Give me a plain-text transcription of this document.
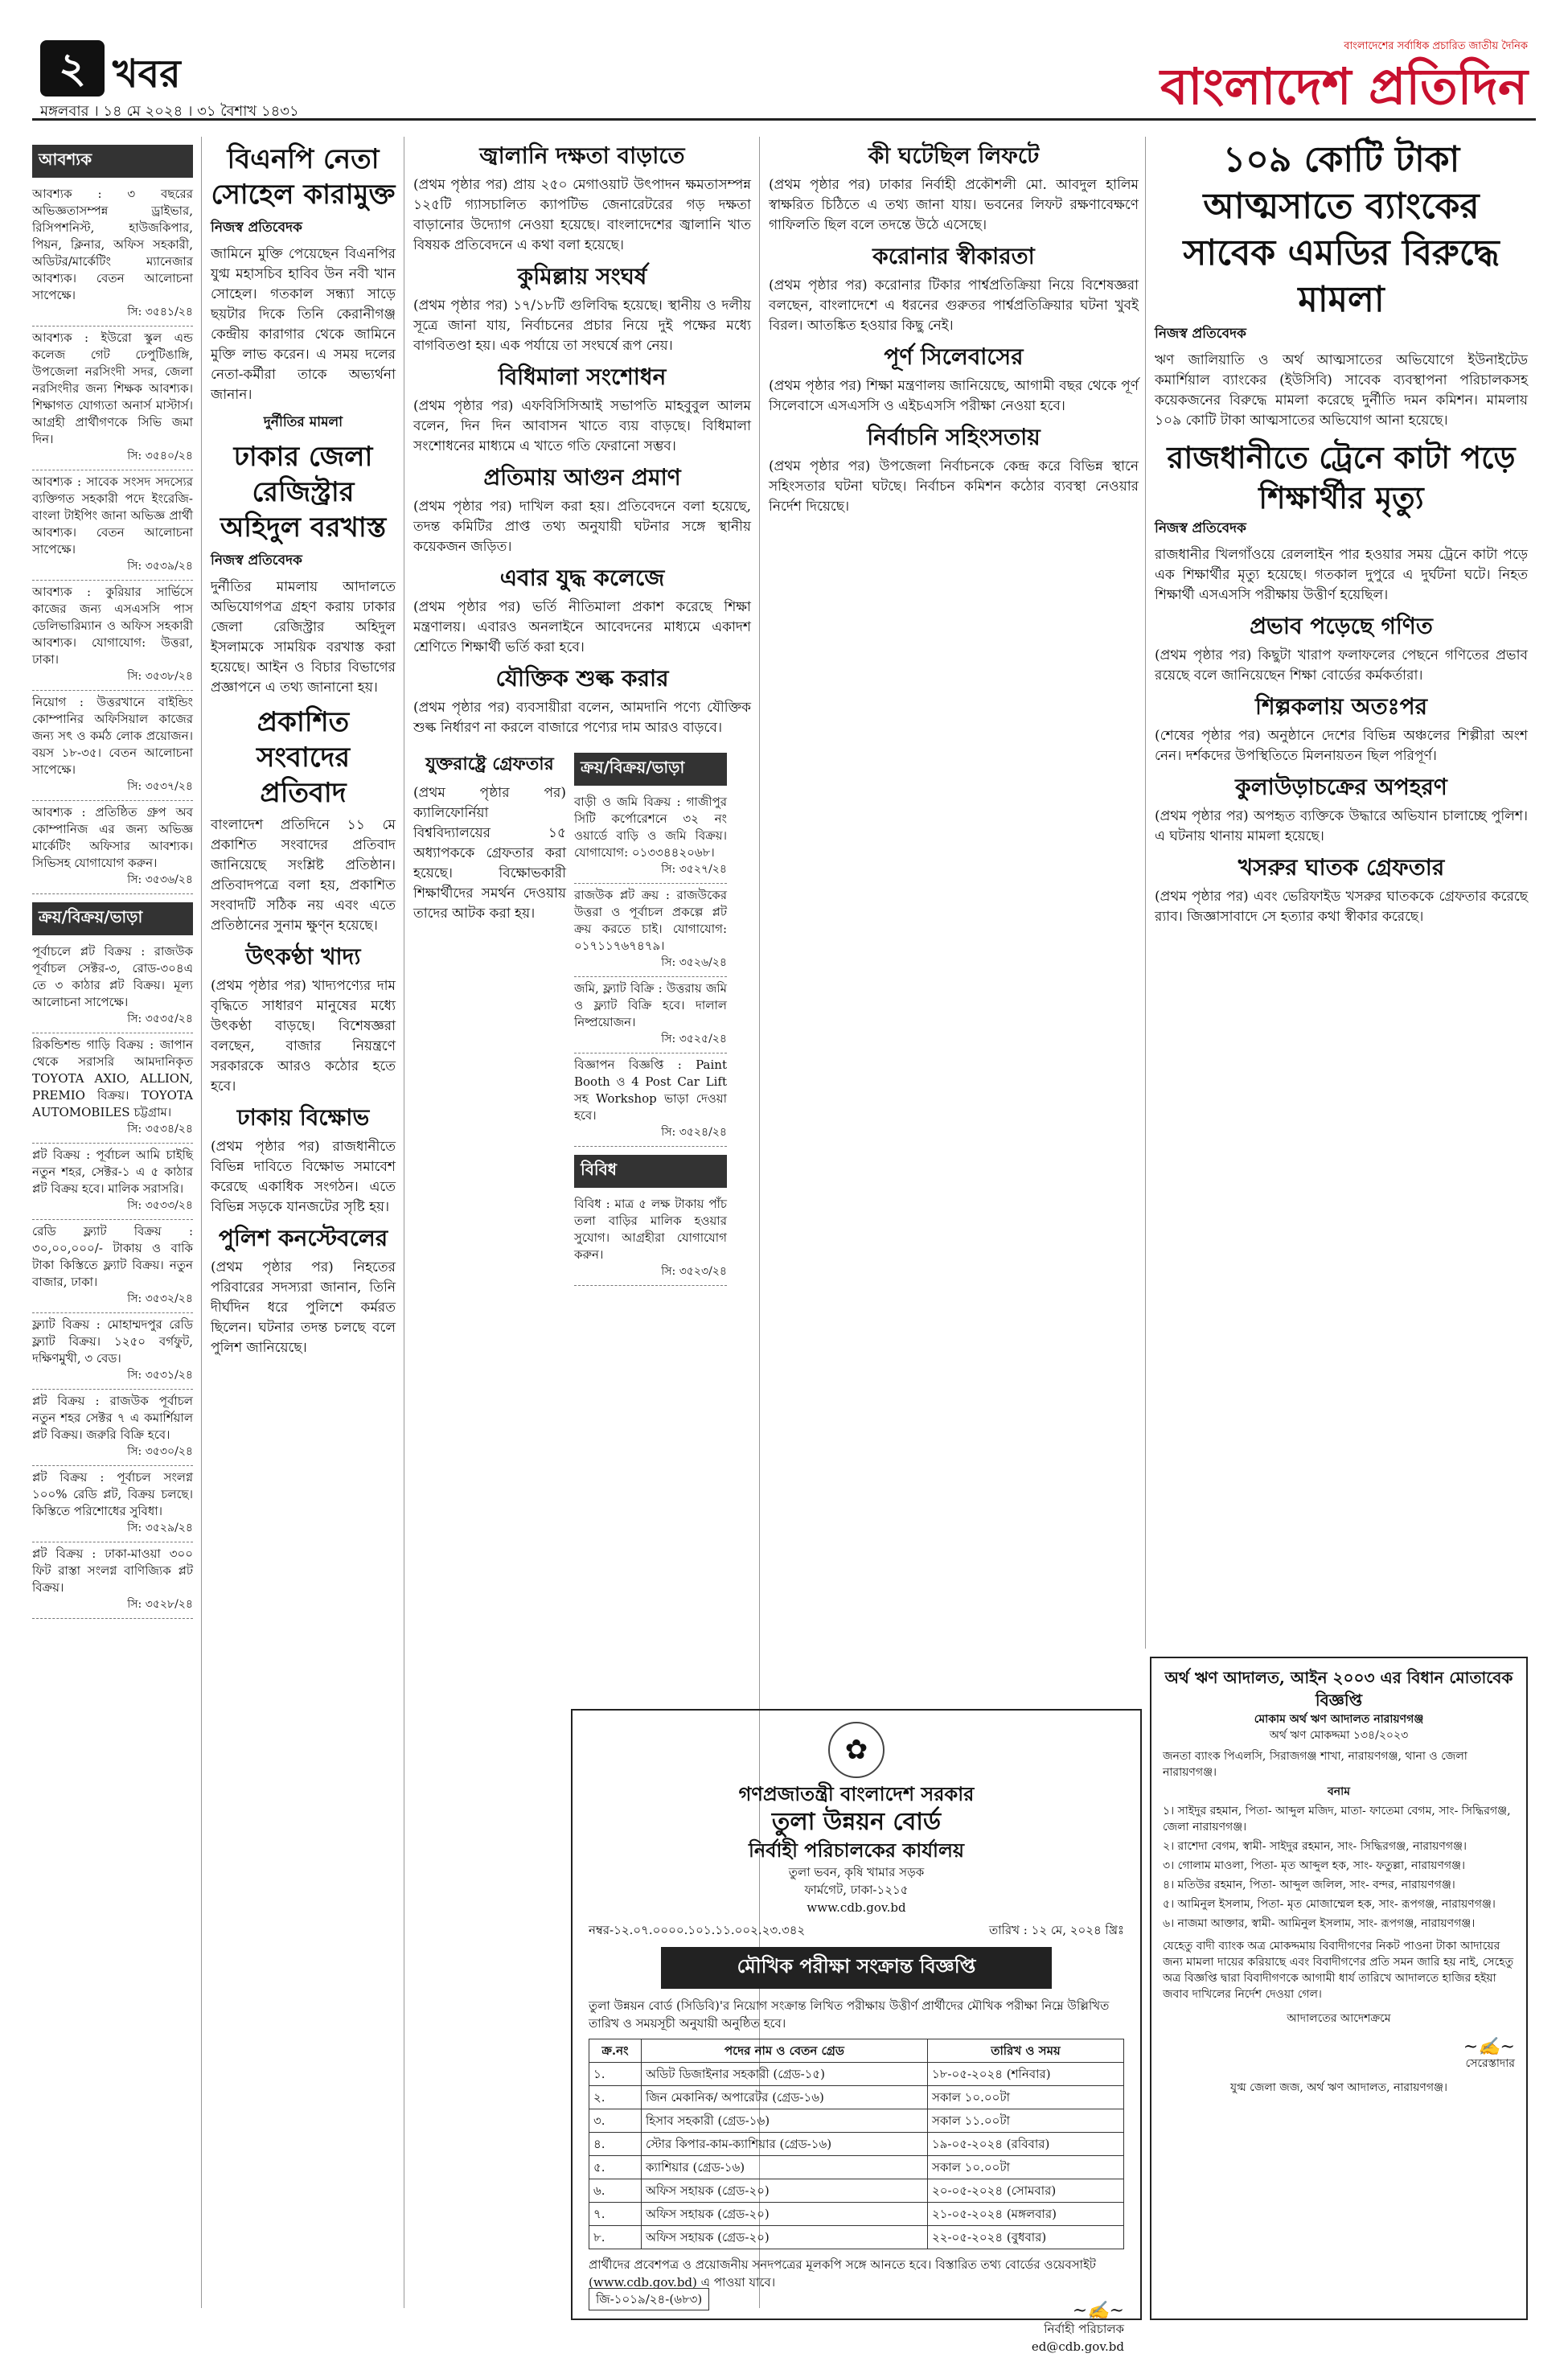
২ খবর
মঙ্গলবার । ১৪ মে ২০২৪ । ৩১ বৈশাখ ১৪৩১
বাংলাদেশের সর্বাধিক প্রচারিত জাতীয় দৈনিক
বাংলাদেশ প্রতিদিন
আবশ্যক
আবশ্যক : ৩ বছরের অভিজ্ঞতাসম্পন্ন ড্রাইভার, রিসিপশনিস্ট, হাউজকিপার, পিয়ন, ক্লিনার, অফিস সহকারী, অডিটর/মার্কেটিং ম্যানেজার আবশ্যক। বেতন আলোচনা সাপেক্ষে।
সি: ৩৫৪১/২৪
আবশ্যক : ইউরো স্কুল এন্ড কলেজ গেট ঢেপুটিঙাঙ্গি, উপজেলা নরসিংদী সদর, জেলা নরসিংদীর জন্য শিক্ষক আবশ্যক। শিক্ষাগত যোগ্যতা অনার্স মাস্টার্স। আগ্রহী প্রার্থীগণকে সিভি জমা দিন।
সি: ৩৫৪০/২৪
আবশ্যক : সাবেক সংসদ সদস্যের ব্যক্তিগত সহকারী পদে ইংরেজি-বাংলা টাইপিং জানা অভিজ্ঞ প্রার্থী আবশ্যক। বেতন আলোচনা সাপেক্ষে।
সি: ৩৫৩৯/২৪
আবশ্যক : কুরিয়ার সার্ভিসে কাজের জন্য এসএসসি পাস ডেলিভারিম্যান ও অফিস সহকারী আবশ্যক। যোগাযোগ: উত্তরা, ঢাকা।
সি: ৩৫৩৮/২৪
নিয়োগ : উত্তরখানে বাইন্ডিং কোম্পানির অফিসিয়াল কাজের জন্য সৎ ও কর্মঠ লোক প্রয়োজন। বয়স ১৮-৩৫। বেতন আলোচনা সাপেক্ষে।
সি: ৩৫৩৭/২৪
আবশ্যক : প্রতিষ্ঠিত গ্রুপ অব কোম্পানিজ এর জন্য অভিজ্ঞ মার্কেটিং অফিসার আবশ্যক। সিভিসহ যোগাযোগ করুন।
সি: ৩৫৩৬/২৪
ক্রয়/বিক্রয়/ভাড়া
পূর্বাচলে প্লট বিক্রয় : রাজউক পূর্বাচল সেক্টর-৩, রোড-৩০৪এ তে ৩ কাঠার প্লট বিক্রয়। মূল্য আলোচনা সাপেক্ষে।
সি: ৩৫৩৫/২৪
রিকন্ডিশন্ড গাড়ি বিক্রয় : জাপান থেকে সরাসরি আমদানিকৃত TOYOTA AXIO, ALLION, PREMIO বিক্রয়। TOYOTA AUTOMOBILES চট্টগ্রাম।
সি: ৩৫৩৪/২৪
প্লট বিক্রয় : পূর্বাচল আমি চাইছি নতুন শহর, সেক্টর-১ এ ৫ কাঠার প্লট বিক্রয় হবে। মালিক সরাসরি।
সি: ৩৫৩৩/২৪
রেডি ফ্ল্যাট বিক্রয় : ৩০,০০,০০০/- টাকায় ও বাকি টাকা কিস্তিতে ফ্ল্যাট বিক্রয়। নতুন বাজার, ঢাকা।
সি: ৩৫৩২/২৪
ফ্ল্যাট বিক্রয় : মোহাম্মদপুর রেডি ফ্ল্যাট বিক্রয়। ১২৫০ বর্গফুট, দক্ষিণমুখী, ৩ বেড।
সি: ৩৫৩১/২৪
প্লট বিক্রয় : রাজউক পূর্বাচল নতুন শহর সেক্টর ৭ এ কমার্শিয়াল প্লট বিক্রয়। জরুরি বিক্রি হবে।
সি: ৩৫৩০/২৪
প্লট বিক্রয় : পূর্বাচল সংলগ্ন ১০০% রেডি প্লট, বিক্রয় চলছে। কিস্তিতে পরিশোধের সুবিধা।
সি: ৩৫২৯/২৪
প্লট বিক্রয় : ঢাকা-মাওয়া ৩০০ ফিট রাস্তা সংলগ্ন বাণিজ্যিক প্লট বিক্রয়।
সি: ৩৫২৮/২৪
বিএনপি নেতা সোহেল কারামুক্ত
নিজস্ব প্রতিবেদক

জামিনে মুক্তি পেয়েছেন বিএনপির যুগ্ম মহাসচিব হাবিব উন নবী খান সোহেল। গতকাল সন্ধ্যা সাড়ে ছয়টার দিকে তিনি কেরানীগঞ্জ কেন্দ্রীয় কারাগার থেকে জামিনে মুক্তি লাভ করেন। এ সময় দলের নেতা-কর্মীরা তাকে অভ্যর্থনা জানান।

দুর্নীতির মামলা
ঢাকার জেলা রেজিস্ট্রার অহিদুল বরখাস্ত
নিজস্ব প্রতিবেদক

দুর্নীতির মামলায় আদালতে অভিযোগপত্র গ্রহণ করায় ঢাকার জেলা রেজিস্ট্রার অহিদুল ইসলামকে সাময়িক বরখাস্ত করা হয়েছে। আইন ও বিচার বিভাগের প্রজ্ঞাপনে এ তথ্য জানানো হয়।

প্রকাশিত সংবাদের প্রতিবাদ

বাংলাদেশ প্রতিদিনে ১১ মে প্রকাশিত সংবাদের প্রতিবাদ জানিয়েছে সংশ্লিষ্ট প্রতিষ্ঠান। প্রতিবাদপত্রে বলা হয়, প্রকাশিত সংবাদটি সঠিক নয় এবং এতে প্রতিষ্ঠানের সুনাম ক্ষুণ্ন হয়েছে।

উৎকণ্ঠা খাদ্য

(প্রথম পৃষ্ঠার পর) খাদ্যপণ্যের দাম বৃদ্ধিতে সাধারণ মানুষের মধ্যে উৎকণ্ঠা বাড়ছে। বিশেষজ্ঞরা বলছেন, বাজার নিয়ন্ত্রণে সরকারকে আরও কঠোর হতে হবে।

ঢাকায় বিক্ষোভ

(প্রথম পৃষ্ঠার পর) রাজধানীতে বিভিন্ন দাবিতে বিক্ষোভ সমাবেশ করেছে একাধিক সংগঠন। এতে বিভিন্ন সড়কে যানজটের সৃষ্টি হয়।

পুলিশ কনস্টেবলের

(প্রথম পৃষ্ঠার পর) নিহতের পরিবারের সদস্যরা জানান, তিনি দীর্ঘদিন ধরে পুলিশে কর্মরত ছিলেন। ঘটনার তদন্ত চলছে বলে পুলিশ জানিয়েছে।

জ্বালানি দক্ষতা বাড়াতে

(প্রথম পৃষ্ঠার পর) প্রায় ২৫০ মেগাওয়াট উৎপাদন ক্ষমতাসম্পন্ন ১২৫টি গ্যাসচালিত ক্যাপটিভ জেনারেটরের গড় দক্ষতা বাড়ানোর উদ্যোগ নেওয়া হয়েছে। বাংলাদেশের জ্বালানি খাত বিষয়ক প্রতিবেদনে এ কথা বলা হয়েছে।

কুমিল্লায় সংঘর্ষ

(প্রথম পৃষ্ঠার পর) ১৭/১৮টি গুলিবিদ্ধ হয়েছে। স্থানীয় ও দলীয় সূত্রে জানা যায়, নির্বাচনের প্রচার নিয়ে দুই পক্ষের মধ্যে বাগবিতণ্ডা হয়। এক পর্যায়ে তা সংঘর্ষে রূপ নেয়।

বিধিমালা সংশোধন

(প্রথম পৃষ্ঠার পর) এফবিসিসিআই সভাপতি মাহবুবুল আলম বলেন, দিন দিন আবাসন খাতে ব্যয় বাড়ছে। বিধিমালা সংশোধনের মাধ্যমে এ খাতে গতি ফেরানো সম্ভব।

প্রতিমায় আগুন প্রমাণ

(প্রথম পৃষ্ঠার পর) দাখিল করা হয়। প্রতিবেদনে বলা হয়েছে, তদন্ত কমিটির প্রাপ্ত তথ্য অনুযায়ী ঘটনার সঙ্গে স্থানীয় কয়েকজন জড়িত।

এবার যুদ্ধ কলেজে

(প্রথম পৃষ্ঠার পর) ভর্তি নীতিমালা প্রকাশ করেছে শিক্ষা মন্ত্রণালয়। এবারও অনলাইনে আবেদনের মাধ্যমে একাদশ শ্রেণিতে শিক্ষার্থী ভর্তি করা হবে।

যৌক্তিক শুল্ক করার

(প্রথম পৃষ্ঠার পর) ব্যবসায়ীরা বলেন, আমদানি পণ্যে যৌক্তিক শুল্ক নির্ধারণ না করলে বাজারে পণ্যের দাম আরও বাড়বে।

যুক্তরাষ্ট্রে গ্রেফতার

(প্রথম পৃষ্ঠার পর) ক্যালিফোর্নিয়া বিশ্ববিদ্যালয়ের ১৫ অধ্যাপককে গ্রেফতার করা হয়েছে। বিক্ষোভকারী শিক্ষার্থীদের সমর্থন দেওয়ায় তাদের আটক করা হয়।

ক্রয়/বিক্রয়/ভাড়া
বাড়ী ও জমি বিক্রয় : গাজীপুর সিটি কর্পোরেশনে ৩২ নং ওয়ার্ডে বাড়ি ও জমি বিক্রয়। যোগাযোগ: ০১৩৩৪৪২০৬৮।
সি: ৩৫২৭/২৪
রাজউক প্লট ক্রয় : রাজউকের উত্তরা ও পূর্বাচল প্রকল্পে প্লট ক্রয় করতে চাই। যোগাযোগ: ০১৭১১৭৬৭৪৭৯।
সি: ৩৫২৬/২৪
জমি, ফ্ল্যাট বিক্রি : উত্তরায় জমি ও ফ্ল্যাট বিক্রি হবে। দালাল নিষ্প্রয়োজন।
সি: ৩৫২৫/২৪
বিজ্ঞাপন বিজ্ঞপ্তি : Paint Booth ও 4 Post Car Lift সহ Workshop ভাড়া দেওয়া হবে।
সি: ৩৫২৪/২৪
বিবিধ
বিবিধ : মাত্র ৫ লক্ষ টাকায় পাঁচ তলা বাড়ির মালিক হওয়ার সুযোগ। আগ্রহীরা যোগাযোগ করুন।
সি: ৩৫২৩/২৪
কী ঘটেছিল লিফটে

(প্রথম পৃষ্ঠার পর) ঢাকার নির্বাহী প্রকৌশলী মো. আবদুল হালিম স্বাক্ষরিত চিঠিতে এ তথ্য জানা যায়। ভবনের লিফট রক্ষণাবেক্ষণে গাফিলতি ছিল বলে তদন্তে উঠে এসেছে।

করোনার স্বীকারতা

(প্রথম পৃষ্ঠার পর) করোনার টিকার পার্শ্বপ্রতিক্রিয়া নিয়ে বিশেষজ্ঞরা বলছেন, বাংলাদেশে এ ধরনের গুরুতর পার্শ্বপ্রতিক্রিয়ার ঘটনা খুবই বিরল। আতঙ্কিত হওয়ার কিছু নেই।

পূর্ণ সিলেবাসের

(প্রথম পৃষ্ঠার পর) শিক্ষা মন্ত্রণালয় জানিয়েছে, আগামী বছর থেকে পূর্ণ সিলেবাসে এসএসসি ও এইচএসসি পরীক্ষা নেওয়া হবে।

নির্বাচনি সহিংসতায়

(প্রথম পৃষ্ঠার পর) উপজেলা নির্বাচনকে কেন্দ্র করে বিভিন্ন স্থানে সহিংসতার ঘটনা ঘটছে। নির্বাচন কমিশন কঠোর ব্যবস্থা নেওয়ার নির্দেশ দিয়েছে।

১০৯ কোটি টাকা আত্মসাতে ব্যাংকের সাবেক এমডির বিরুদ্ধে মামলা
নিজস্ব প্রতিবেদক

ঋণ জালিয়াতি ও অর্থ আত্মসাতের অভিযোগে ইউনাইটেড কমার্শিয়াল ব্যাংকের (ইউসিবি) সাবেক ব্যবস্থাপনা পরিচালকসহ কয়েকজনের বিরুদ্ধে মামলা করেছে দুর্নীতি দমন কমিশন। মামলায় ১০৯ কোটি টাকা আত্মসাতের অভিযোগ আনা হয়েছে।

রাজধানীতে ট্রেনে কাটা পড়ে শিক্ষার্থীর মৃত্যু
নিজস্ব প্রতিবেদক

রাজধানীর খিলগাঁওয়ে রেললাইন পার হওয়ার সময় ট্রেনে কাটা পড়ে এক শিক্ষার্থীর মৃত্যু হয়েছে। গতকাল দুপুরে এ দুর্ঘটনা ঘটে। নিহত শিক্ষার্থী এসএসসি পরীক্ষায় উত্তীর্ণ হয়েছিল।

প্রভাব পড়েছে গণিত

(প্রথম পৃষ্ঠার পর) কিছুটা খারাপ ফলাফলের পেছনে গণিতের প্রভাব রয়েছে বলে জানিয়েছেন শিক্ষা বোর্ডের কর্মকর্তারা।

শিল্পকলায় অতঃপর

(শেষের পৃষ্ঠার পর) অনুষ্ঠানে দেশের বিভিন্ন অঞ্চলের শিল্পীরা অংশ নেন। দর্শকদের উপস্থিতিতে মিলনায়তন ছিল পরিপূর্ণ।

কুলাউড়াচক্রের অপহরণ

(প্রথম পৃষ্ঠার পর) অপহৃত ব্যক্তিকে উদ্ধারে অভিযান চালাচ্ছে পুলিশ। এ ঘটনায় থানায় মামলা হয়েছে।

খসরুর ঘাতক গ্রেফতার

(প্রথম পৃষ্ঠার পর) এবং ভেরিফাইড খসরুর ঘাতককে গ্রেফতার করেছে র‌্যাব। জিজ্ঞাসাবাদে সে হত্যার কথা স্বীকার করেছে।

✿
গণপ্রজাতন্ত্রী বাংলাদেশ সরকার
তুলা উন্নয়ন বোর্ড
নির্বাহী পরিচালকের কার্যালয়
তুলা ভবন, কৃষি খামার সড়ক
ফার্মগেট, ঢাকা-১২১৫
www.cdb.gov.bd
নম্বর-১২.০৭.০০০০.১০১.১১.০০২.২৩.৩৪২	তারিখ : ১২ মে, ২০২৪ খ্রিঃ
মৌখিক পরীক্ষা সংক্রান্ত বিজ্ঞপ্তি

তুলা উন্নয়ন বোর্ড (সিডিবি)'র নিয়োগ সংক্রান্ত লিখিত পরীক্ষায় উত্তীর্ণ প্রার্থীদের মৌখিক পরীক্ষা নিম্নে উল্লিখিত তারিখ ও সময়সূচী অনুযায়ী অনুষ্ঠিত হবে।

ক্র.নং	পদের নাম ও বেতন গ্রেড	তারিখ ও সময়
১.	অডিট ডিজাইনার সহকারী (গ্রেড-১৫)	১৮-০৫-২০২৪ (শনিবার)
২.	জিন মেকানিক/ অপারেটর (গ্রেড-১৬)	সকাল ১০.০০টা
৩.	হিসাব সহকারী (গ্রেড-১৬)	সকাল ১১.০০টা
৪.	স্টোর কিপার-কাম-ক্যাশিয়ার (গ্রেড-১৬)	১৯-০৫-২০২৪ (রবিবার)
৫.	ক্যাশিয়ার (গ্রেড-১৬)	সকাল ১০.০০টা
৬.	অফিস সহায়ক (গ্রেড-২০)	২০-০৫-২০২৪ (সোমবার)
৭.	অফিস সহায়ক (গ্রেড-২০)	২১-০৫-২০২৪ (মঙ্গলবার)
৮.	অফিস সহায়ক (গ্রেড-২০)	২২-০৫-২০২৪ (বুধবার)

প্রার্থীদের প্রবেশপত্র ও প্রয়োজনীয় সনদপত্রের মূলকপি সঙ্গে আনতে হবে। বিস্তারিত তথ্য বোর্ডের ওয়েবসাইট (www.cdb.gov.bd) এ পাওয়া যাবে।

~✍~
নির্বাহী পরিচালক
ed@cdb.gov.bd
জি-১০১৯/২৪-(৬৮৩)
অর্থ ঋণ আদালত, আইন ২০০৩ এর বিধান মোতাবেক বিজ্ঞপ্তি
মোকাম অর্থ ঋণ আদালত নারায়ণগঞ্জ
অর্থ ঋণ মোকদ্দমা ১৩৪/২০২৩

জনতা ব্যাংক পিএলসি, সিরাজগঞ্জ শাখা, নারায়ণগঞ্জ, থানা ও জেলা নারায়ণগঞ্জ।

বনাম

১। সাইদুর রহমান, পিতা- আব্দুল মজিদ, মাতা- ফাতেমা বেগম, সাং- সিদ্ধিরগঞ্জ, জেলা নারায়ণগঞ্জ।

২। রাশেদা বেগম, স্বামী- সাইদুর রহমান, সাং- সিদ্ধিরগঞ্জ, নারায়ণগঞ্জ।

৩। গোলাম মাওলা, পিতা- মৃত আব্দুল হক, সাং- ফতুল্লা, নারায়ণগঞ্জ।

৪। মতিউর রহমান, পিতা- আব্দুল জলিল, সাং- বন্দর, নারায়ণগঞ্জ।

৫। আমিনুল ইসলাম, পিতা- মৃত মোজাম্মেল হক, সাং- রূপগঞ্জ, নারায়ণগঞ্জ।

৬। নাজমা আক্তার, স্বামী- আমিনুল ইসলাম, সাং- রূপগঞ্জ, নারায়ণগঞ্জ।

যেহেতু বাদী ব্যাংক অত্র মোকদ্দমায় বিবাদীগণের নিকট পাওনা টাকা আদায়ের জন্য মামলা দায়ের করিয়াছে এবং বিবাদীগণের প্রতি সমন জারি হয় নাই, সেহেতু অত্র বিজ্ঞপ্তি দ্বারা বিবাদীগণকে আগামী ধার্য তারিখে আদালতে হাজির হইয়া জবাব দাখিলের নির্দেশ দেওয়া গেল।

আদালতের আদেশক্রমে
~✍~
সেরেস্তাদার
যুগ্ম জেলা জজ, অর্থ ঋণ আদালত, নারায়ণগঞ্জ।
